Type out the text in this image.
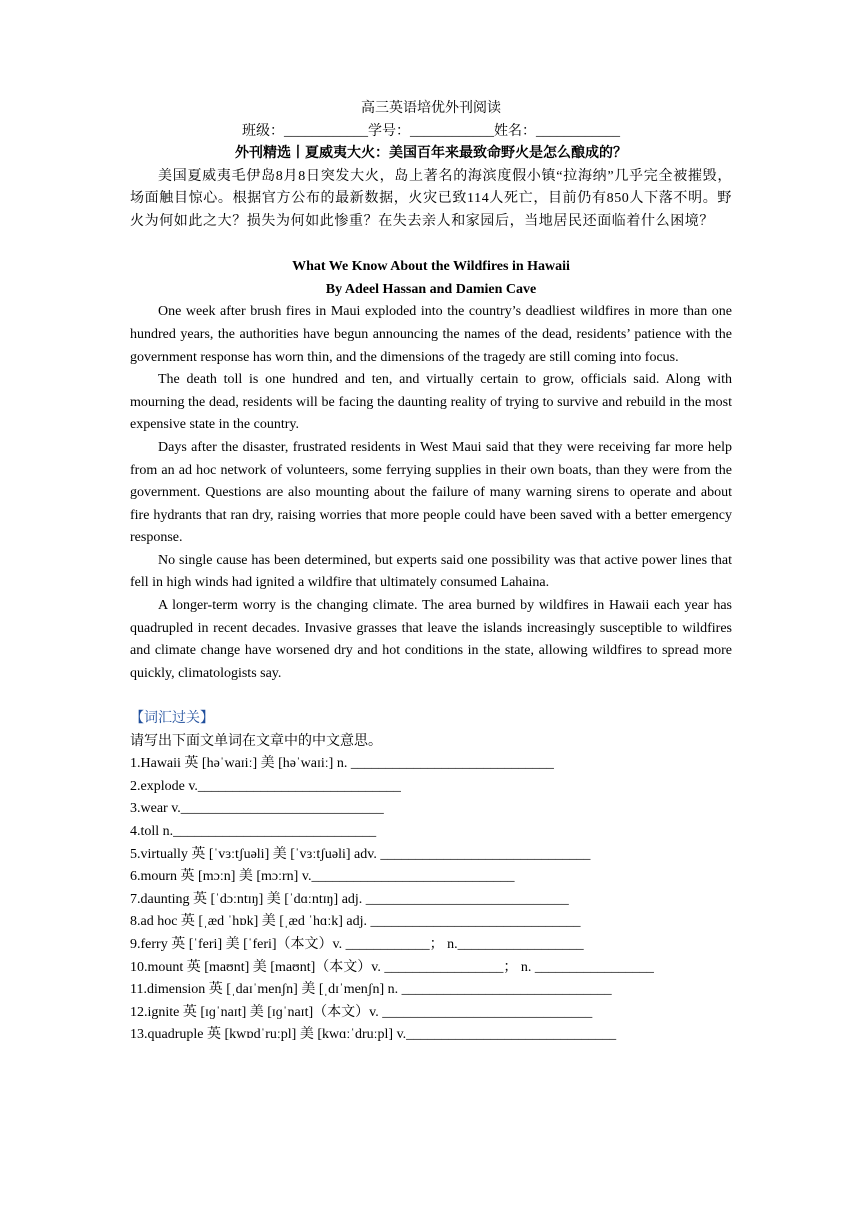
高三英语培优外刊阅读
班级：____________学号：____________姓名：____________
外刊精选丨夏威夷大火：美国百年来最致命野火是怎么酿成的？

美国夏威夷毛伊岛8月8日突发大火，岛上著名的海滨度假小镇“拉海纳”几乎完全被摧毁，场面触目惊心。根据官方公布的最新数据，火灾已致114人死亡，目前仍有850人下落不明。野火为何如此之大？损失为何如此惨重？在失去亲人和家园后，当地居民还面临着什么困境？

What We Know About the Wildfires in Hawaii
By Adeel Hassan and Damien Cave

One week after brush fires in Maui exploded into the country’s deadliest wildfires in more than one hundred years, the authorities have begun announcing the names of the dead, residents’ patience with the government response has worn thin, and the dimensions of the tragedy are still coming into focus.

The death toll is one hundred and ten, and virtually certain to grow, officials said. Along with mourning the dead, residents will be facing the daunting reality of trying to survive and rebuild in the most expensive state in the country.

Days after the disaster, frustrated residents in West Maui said that they were receiving far more help from an ad hoc network of volunteers, some ferrying supplies in their own boats, than they were from the government. Questions are also mounting about the failure of many warning sirens to operate and about fire hydrants that ran dry, raising worries that more people could have been saved with a better emergency response.

No single cause has been determined, but experts said one possibility was that active power lines that fell in high winds had ignited a wildfire that ultimately consumed Lahaina.

A longer-term worry is the changing climate. The area burned by wildfires in Hawaii each year has quadrupled in recent decades. Invasive grasses that leave the islands increasingly susceptible to wildfires and climate change have worsened dry and hot conditions in the state, allowing wildfires to spread more quickly, climatologists say.

【词汇过关】
请写出下面文单词在文章中的中文意思。
1.Hawaii 英 [həˈwaɪiː] 美 [həˈwaɪiː] n. _____________________________
2.explode v._____________________________
3.wear v._____________________________
4.toll n._____________________________
5.virtually 英 [ˈvɜːtʃuəli] 美 [ˈvɜːtʃuəli] adv. ______________________________
6.mourn 英 [mɔːn] 美 [mɔːrn] v._____________________________
7.daunting 英 [ˈdɔːntɪŋ] 美 [ˈdɑːntɪŋ] adj. _____________________________
8.ad hoc 英 [ˌæd ˈhɒk] 美 [ˌæd ˈhɑːk] adj. ______________________________
9.ferry 英 [ˈferi] 美 [ˈferi]（本文）v. ____________； n.__________________
10.mount 英 [maʊnt] 美 [maʊnt]（本文）v. _________________； n. _________________
11.dimension 英 [ˌdaɪˈmenʃn] 美 [ˌdɪˈmenʃn] n. ______________________________
12.ignite 英 [ɪɡˈnaɪt] 美 [ɪɡˈnaɪt]（本文）v. ______________________________
13.quadruple 英 [kwɒdˈruːpl] 美 [kwɑːˈdruːpl] v.______________________________
